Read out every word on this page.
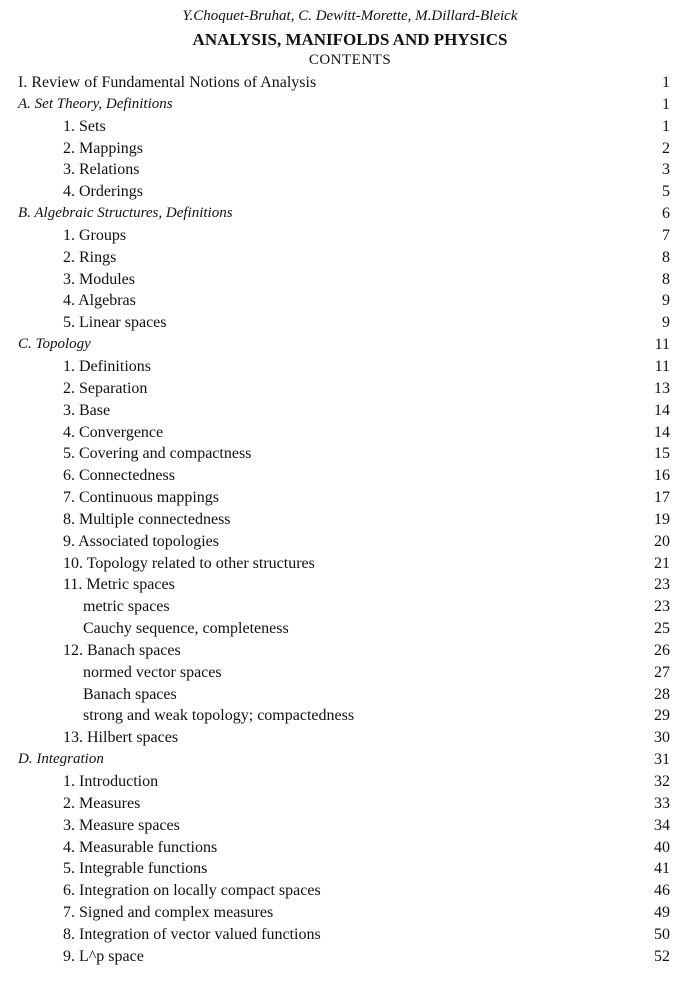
Y.Choquet-Bruhat, C. Dewitt-Morette, M.Dillard-Bleick
ANALYSIS, MANIFOLDS AND PHYSICS
CONTENTS
I. Review of Fundamental Notions of Analysis	1
A. Set Theory, Definitions	1
1. Sets	1
2. Mappings	2
3. Relations	3
4. Orderings	5
B. Algebraic Structures, Definitions	6
1. Groups	7
2. Rings	8
3. Modules	8
4. Algebras	9
5. Linear spaces	9
C. Topology	11
1. Definitions	11
2. Separation	13
3. Base	14
4. Convergence	14
5. Covering and compactness	15
6. Connectedness	16
7. Continuous mappings	17
8. Multiple connectedness	19
9. Associated topologies	20
10. Topology related to other structures	21
11. Metric spaces	23
metric spaces	23
Cauchy sequence, completeness	25
12. Banach spaces	26
normed vector spaces	27
Banach spaces	28
strong and weak topology; compactedness	29
13. Hilbert spaces	30
D. Integration	31
1. Introduction	32
2. Measures	33
3. Measure spaces	34
4. Measurable functions	40
5. Integrable functions	41
6. Integration on locally compact spaces	46
7. Signed and complex measures	49
8. Integration of vector valued functions	50
9. L^p space	52
